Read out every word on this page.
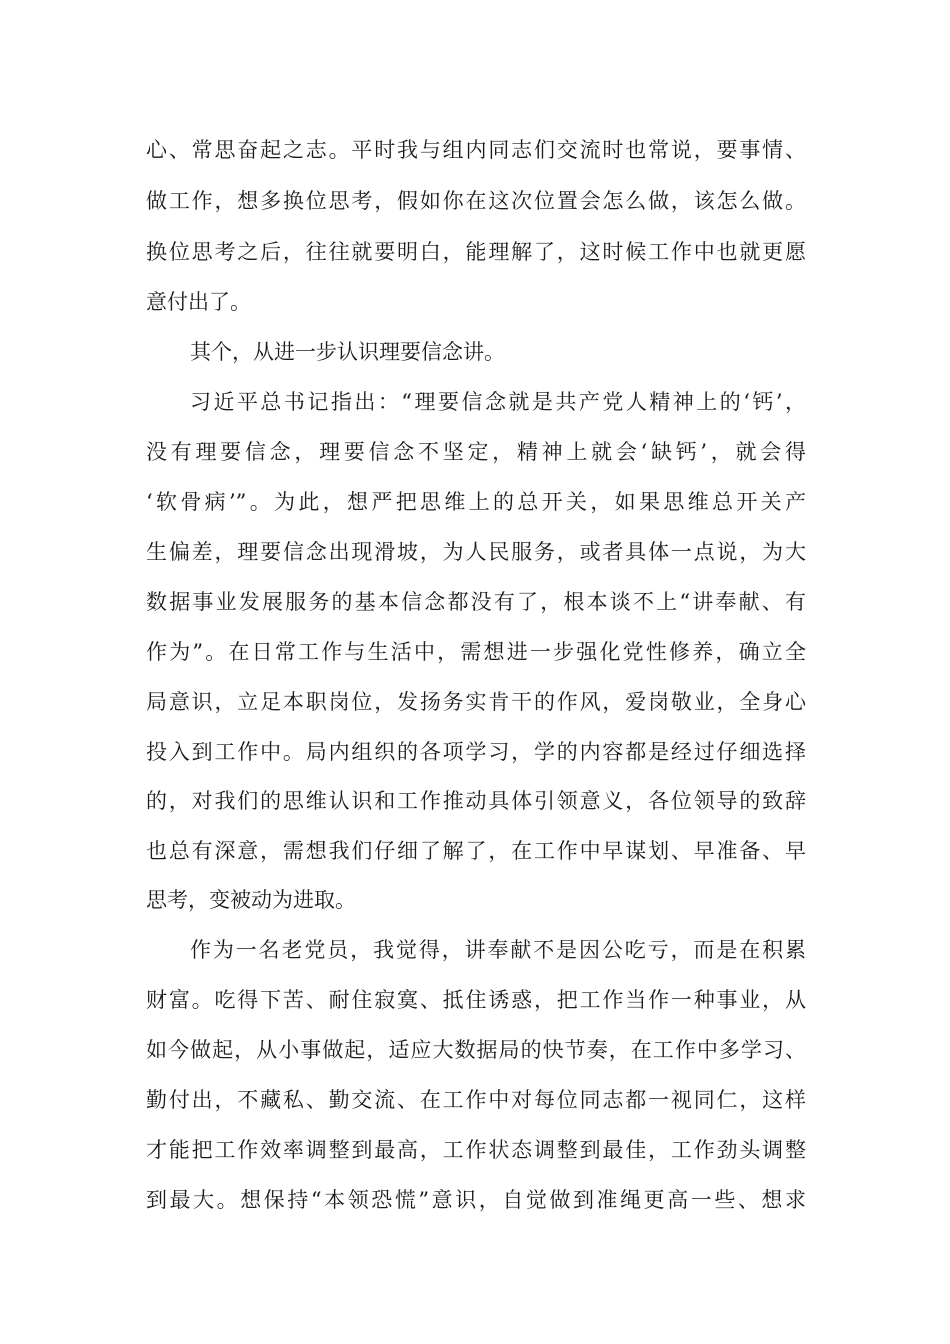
心、常思奋起之志。平时我与组内同志们交流时也常说，要事情、
做工作，想多换位思考，假如你在这次位置会怎么做，该怎么做。
换位思考之后，往往就要明白，能理解了，这时候工作中也就更愿
意付出了。
其个，从进一步认识理要信念讲。
习近平总书记指出：“理要信念就是共产党人精神上的‘钙’，
没有理要信念，理要信念不坚定，精神上就会‘缺钙’，就会得
‘软骨病’”。为此，想严把思维上的总开关，如果思维总开关产
生偏差，理要信念出现滑坡，为人民服务，或者具体一点说，为大
数据事业发展服务的基本信念都没有了，根本谈不上“讲奉献、有
作为”。在日常工作与生活中，需想进一步强化党性修养，确立全
局意识，立足本职岗位，发扬务实肯干的作风，爱岗敬业，全身心
投入到工作中。局内组织的各项学习，学的内容都是经过仔细选择
的，对我们的思维认识和工作推动具体引领意义，各位领导的致辞
也总有深意，需想我们仔细了解了，在工作中早谋划、早准备、早
思考，变被动为进取。
作为一名老党员，我觉得，讲奉献不是因公吃亏，而是在积累
财富。吃得下苦、耐住寂寞、抵住诱惑，把工作当作一种事业，从
如今做起，从小事做起，适应大数据局的快节奏，在工作中多学习、
勤付出，不藏私、勤交流、在工作中对每位同志都一视同仁，这样
才能把工作效率调整到最高，工作状态调整到最佳，工作劲头调整
到最大。想保持“本领恐慌”意识，自觉做到准绳更高一些、想求
